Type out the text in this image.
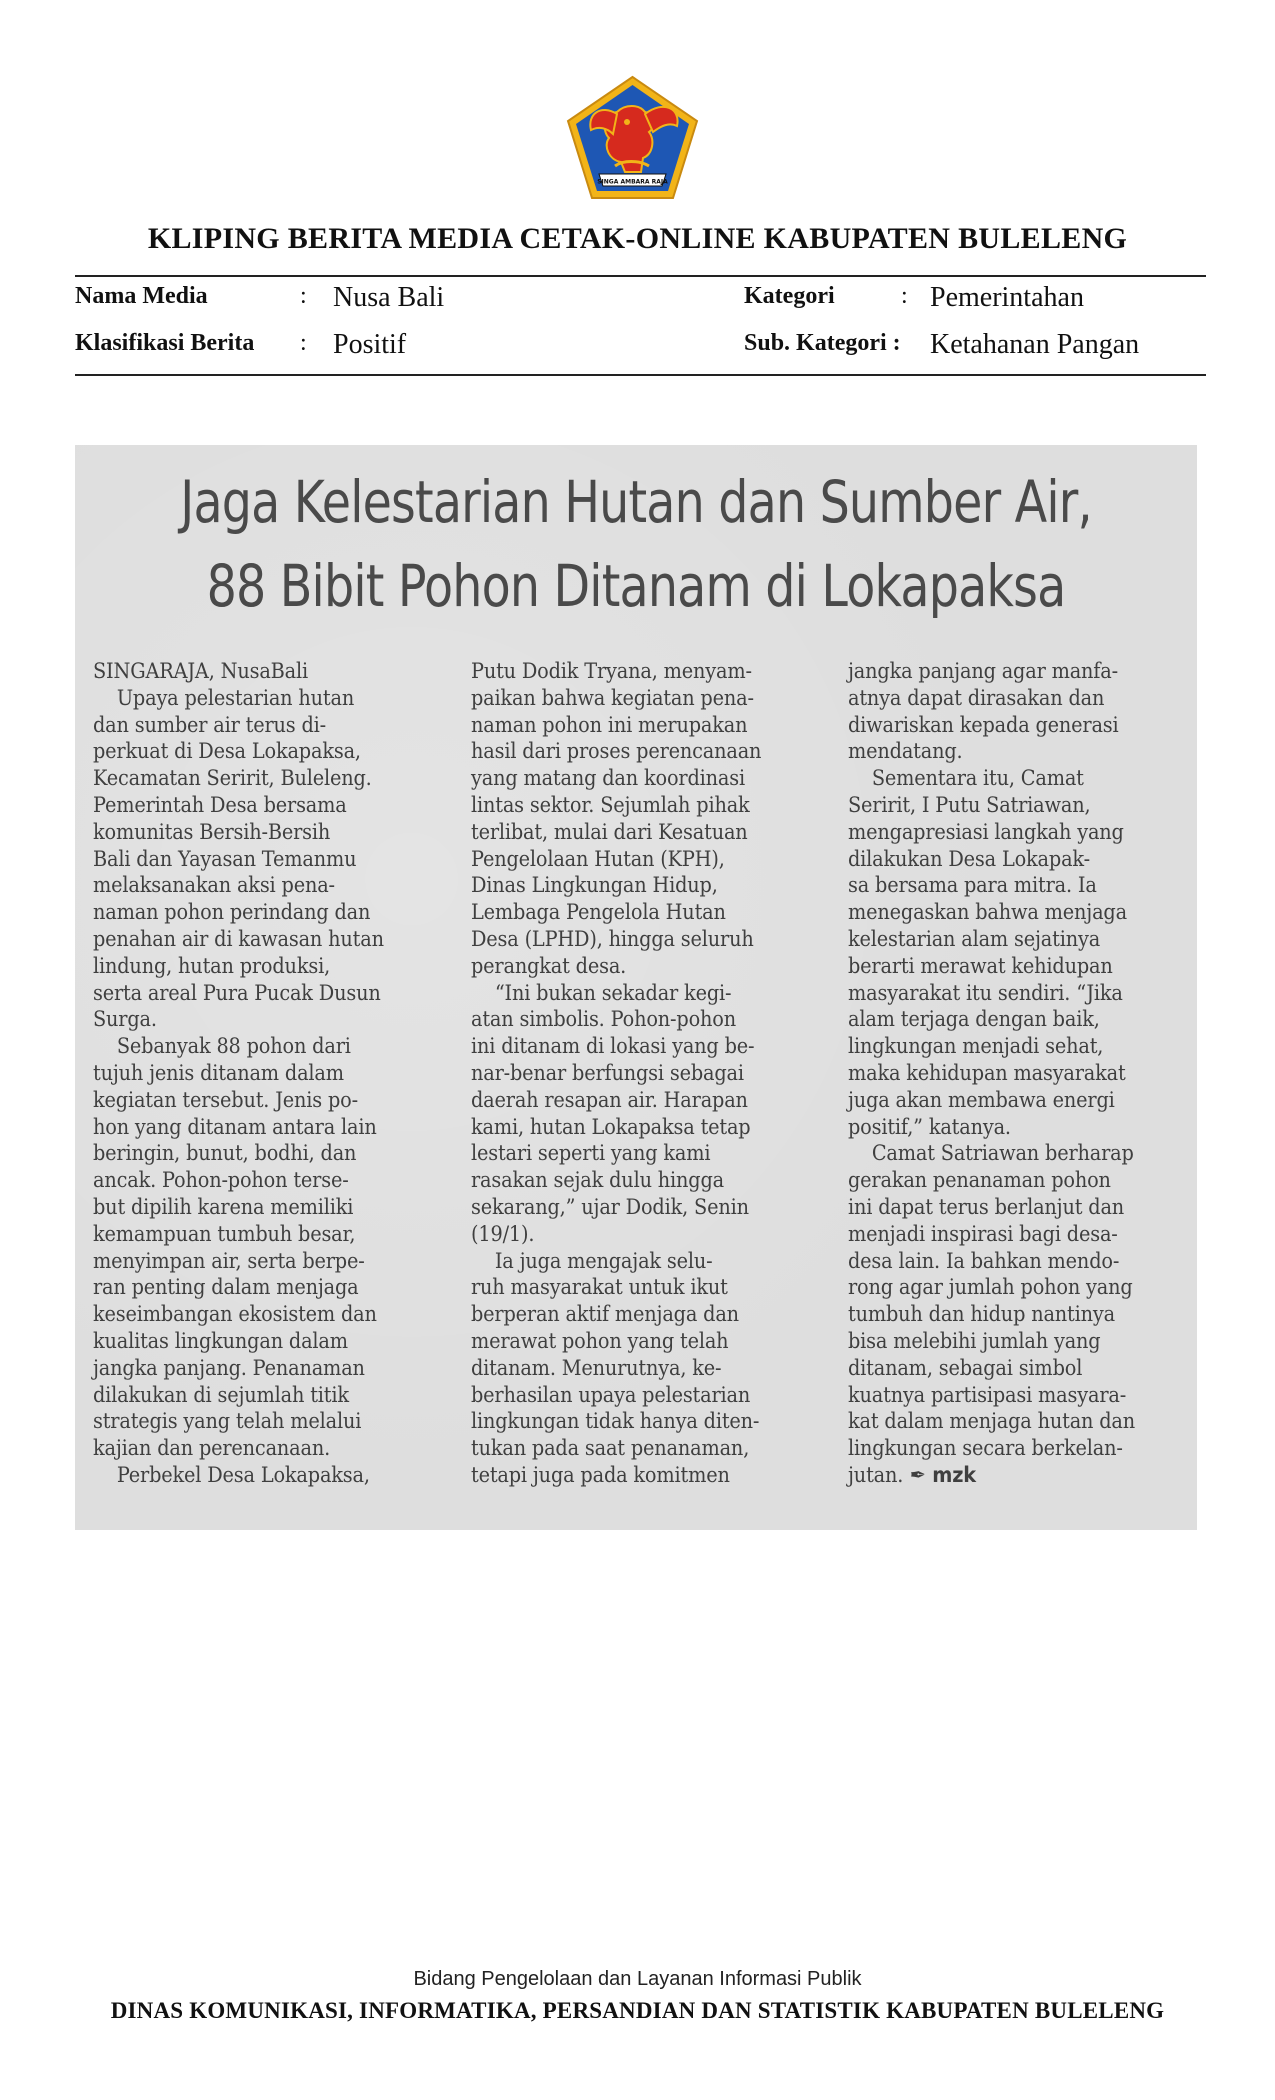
SINGA AMBARA RAJA
KLIPING BERITA MEDIA CETAK-ONLINE KABUPATEN BULELENG
Nama Media	: Nusa Bali
Klasifikasi Berita : Positif
Kategori	: Pemerintahan
Sub. Kategori : Ketahanan Pangan
Jaga Kelestarian Hutan dan Sumber Air,
88 Bibit Pohon Ditanam di Lokapaksa
SINGARAJA, NusaBali
Upaya pelestarian hutan
dan sumber air terus di-
perkuat di Desa Lokapaksa,
Kecamatan Seririt, Buleleng.
Pemerintah Desa bersama
komunitas Bersih-Bersih
Bali dan Yayasan Temanmu
melaksanakan aksi pena-
naman pohon perindang dan
penahan air di kawasan hutan
lindung, hutan produksi,
serta areal Pura Pucak Dusun
Surga.
Sebanyak 88 pohon dari
tujuh jenis ditanam dalam
kegiatan tersebut. Jenis po-
hon yang ditanam antara lain
beringin, bunut, bodhi, dan
ancak. Pohon-pohon terse-
but dipilih karena memiliki
kemampuan tumbuh besar,
menyimpan air, serta berpe-
ran penting dalam menjaga
keseimbangan ekosistem dan
kualitas lingkungan dalam
jangka panjang. Penanaman
dilakukan di sejumlah titik
strategis yang telah melalui
kajian dan perencanaan.
Perbekel Desa Lokapaksa,
Putu Dodik Tryana, menyam-
paikan bahwa kegiatan pena-
naman pohon ini merupakan
hasil dari proses perencanaan
yang matang dan koordinasi
lintas sektor. Sejumlah pihak
terlibat, mulai dari Kesatuan
Pengelolaan Hutan (KPH),
Dinas Lingkungan Hidup,
Lembaga Pengelola Hutan
Desa (LPHD), hingga seluruh
perangkat desa.
“Ini bukan sekadar kegi-
atan simbolis. Pohon-pohon
ini ditanam di lokasi yang be-
nar-benar berfungsi sebagai
daerah resapan air. Harapan
kami, hutan Lokapaksa tetap
lestari seperti yang kami
rasakan sejak dulu hingga
sekarang,” ujar Dodik, Senin
(19/1).
Ia juga mengajak selu-
ruh masyarakat untuk ikut
berperan aktif menjaga dan
merawat pohon yang telah
ditanam. Menurutnya, ke-
berhasilan upaya pelestarian
lingkungan tidak hanya diten-
tukan pada saat penanaman,
tetapi juga pada komitmen
jangka panjang agar manfa-
atnya dapat dirasakan dan
diwariskan kepada generasi
mendatang.
Sementara itu, Camat
Seririt, I Putu Satriawan,
mengapresiasi langkah yang
dilakukan Desa Lokapak-
sa bersama para mitra. Ia
menegaskan bahwa menjaga
kelestarian alam sejatinya
berarti merawat kehidupan
masyarakat itu sendiri. “Jika
alam terjaga dengan baik,
lingkungan menjadi sehat,
maka kehidupan masyarakat
juga akan membawa energi
positif,” katanya.
Camat Satriawan berharap
gerakan penanaman pohon
ini dapat terus berlanjut dan
menjadi inspirasi bagi desa-
desa lain. Ia bahkan mendo-
rong agar jumlah pohon yang
tumbuh dan hidup nantinya
bisa melebihi jumlah yang
ditanam, sebagai simbol
kuatnya partisipasi masyara-
kat dalam menjaga hutan dan
lingkungan secara berkelan-
jutan. ✒ mzk
Bidang Pengelolaan dan Layanan Informasi Publik
DINAS KOMUNIKASI, INFORMATIKA, PERSANDIAN DAN STATISTIK KABUPATEN BULELENG
